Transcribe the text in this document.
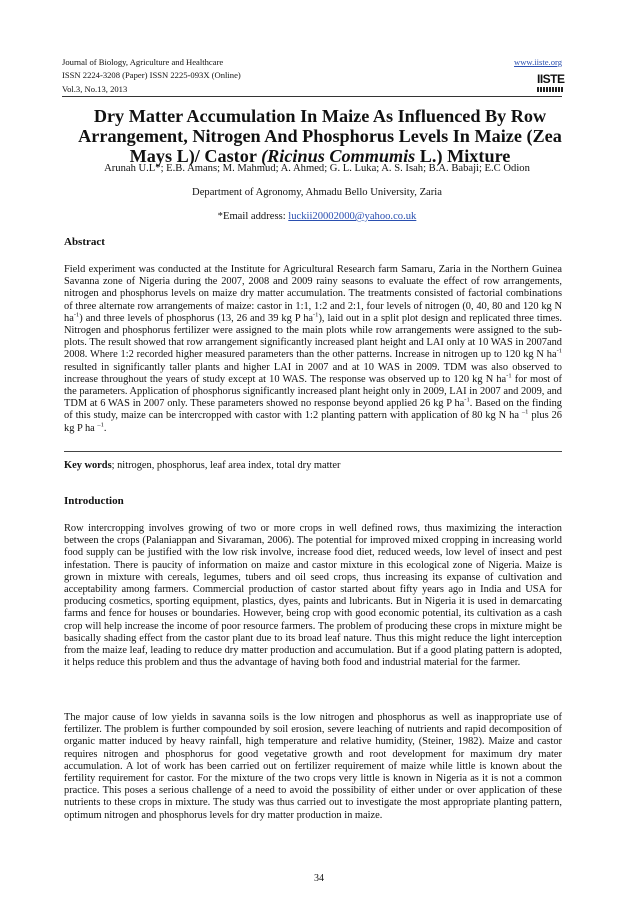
Journal of Biology, Agriculture and Healthcare
ISSN 2224-3208 (Paper) ISSN 2225-093X (Online)
Vol.3, No.13, 2013
www.iiste.org
IISTE
Dry Matter Accumulation In Maize As Influenced By Row
Arrangement, Nitrogen And Phosphorus Levels In Maize (Zea
Mays L)/ Castor (Ricinus Commumis L.) Mixture
Arunah U.L*; E.B. Amans; M. Mahmud; A. Ahmed; G. L. Luka; A. S. Isah; B.A. Babaji; E.C Odion
Department of Agronomy, Ahmadu Bello University, Zaria
*Email address: luckii20002000@yahoo.co.uk
Abstract

Field experiment was conducted at the Institute for Agricultural Research farm Samaru, Zaria in the Northern Guinea Savanna zone of Nigeria during the 2007, 2008 and 2009 rainy seasons to evaluate the effect of row arrangements, nitrogen and phosphorus levels on maize dry matter accumulation. The treatments consisted of factorial combinations of three alternate row arrangements of maize: castor in 1:1, 1:2 and 2:1, four levels of nitrogen (0, 40, 80 and 120 kg N $ha^{-1}$) and three levels of phosphorus (13, 26 and 39 kg P $ha^{-1}$), laid out in a split plot design and replicated three times. Nitrogen and phosphorus fertilizer were assigned to the main plots while row arrangements were assigned to the sub-plots. The result showed that row arrangement significantly increased plant height and LAI only at 10 WAS in 2007and 2008. Where 1:2 recorded higher measured parameters than the other patterns. Increase in nitrogen up to 120 kg N $ha^{-1}$ resulted in significantly taller plants and higher LAI in 2007 and at 10 WAS in 2009. TDM was also observed to increase throughout the years of study except at 10 WAS. The response was observed up to 120 kg N $ha^{-1}$ for most of the parameters. Application of phosphorus significantly increased plant height only in 2009, LAI in 2007 and 2009, and TDM at 6 WAS in 2007 only. These parameters showed no response beyond applied 26 kg P $ha^{-1}$. Based on the finding of this study, maize can be intercropped with castor with 1:2 planting pattern with application of 80 kg N ha $^{-1}$ plus 26 kg P ha $^{-1}$.

Key words; nitrogen, phosphorus, leaf area index, total dry matter
Introduction

Row intercropping involves growing of two or more crops in well defined rows, thus maximizing the interaction between the crops (Palaniappan and Sivaraman, 2006). The potential for improved mixed cropping in increasing world food supply can be justified with the low risk involve, increase food diet, reduced weeds, low level of insect and pest infestation. There is paucity of information on maize and castor mixture in this ecological zone of Nigeria. Maize is grown in mixture with cereals, legumes, tubers and oil seed crops, thus increasing its expanse of cultivation and acceptability among farmers. Commercial production of castor started about fifty years ago in India and USA for producing cosmetics, sporting equipment, plastics, dyes, paints and lubricants. But in Nigeria it is used in demarcating farms and fence for houses or boundaries. However, being crop with good economic potential, its cultivation as a cash crop will help increase the income of poor resource farmers. The problem of producing these crops in mixture might be basically shading effect from the castor plant due to its broad leaf nature. Thus this might reduce the light interception from the maize leaf, leading to reduce dry matter production and accumulation. But if a good plating pattern is adopted, it helps reduce this problem and thus the advantage of having both food and industrial material for the farmer.

The major cause of low yields in savanna soils is the low nitrogen and phosphorus as well as inappropriate use of fertilizer. The problem is further compounded by soil erosion, severe leaching of nutrients and rapid decomposition of organic matter induced by heavy rainfall, high temperature and relative humidity, (Steiner, 1982). Maize and castor requires nitrogen and phosphorus for good vegetative growth and root development for maximum dry mater accumulation. A lot of work has been carried out on fertilizer requirement of maize while little is known about the fertility requirement for castor. For the mixture of the two crops very little is known in Nigeria as it is not a common practice. This poses a serious challenge of a need to avoid the possibility of either under or over application of these nutrients to these crops in mixture. The study was thus carried out to investigate the most appropriate planting pattern, optimum nitrogen and phosphorus levels for dry matter production in maize.

34
